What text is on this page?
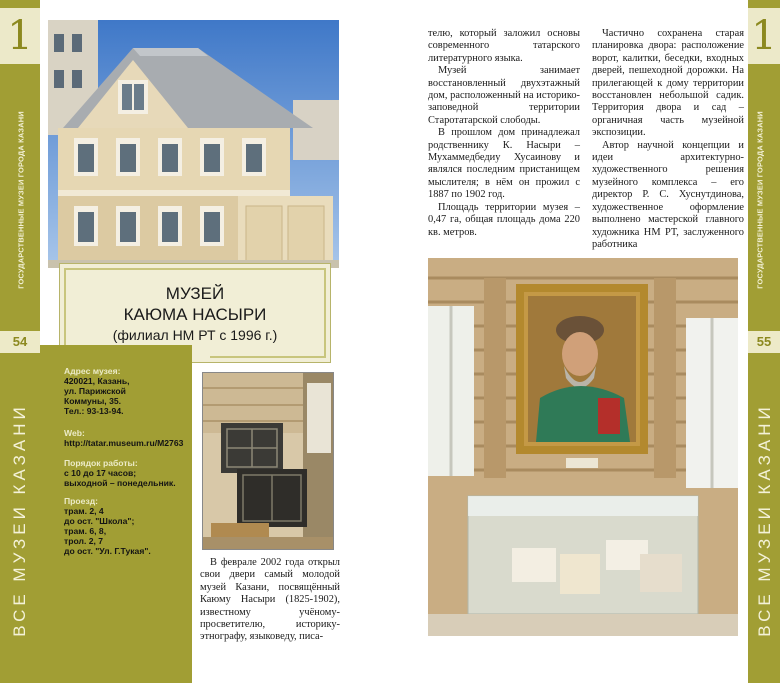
1
ГОСУДАРСТВЕННЫЕ МУЗЕИ ГОРОДА КАЗАНИ
54
ВСЕ МУЗЕИ КАЗАНИ
1
ГОСУДАРСТВЕННЫЕ МУЗЕИ ГОРОДА КАЗАНИ
55
ВСЕ МУЗЕИ КАЗАНИ
МУЗЕЙ
КАЮМА НАСЫРИ
(филиал НМ РТ с 1996 г.)
Адрес музея:
420021, Казань,
ул. Парижской
Коммуны, 35.
Тел.: 93-13-94.
Web:
http://tatar.museum.ru/M2763
Порядок работы:
с 10 до 17 часов;
выходной – понедельник.
Проезд:
трам. 2, 4
до ост. "Школа";
трам. 6, 8,
трол. 2, 7
до ост. "Ул. Г.Тукая".

В феврале 2002 года открыл свои двери самый молодой музей Казани, посвящённый Каюму Насыри (1825-1902), известному учёному-просветителю, историку-этнографу, языковеду, писа-

телю, который заложил основы современного татарского литературного языка.

Музей занимает восстановленный двухэтажный дом, расположенный на историко-заповедной территории Старотатарской слободы.

В прошлом дом принадлежал родственнику К. Насыри – Мухаммедбедиу Хусаинову и являлся последним пристанищем мыслителя; в нём он прожил с 1887 по 1902 год.

Площадь территории музея – 0,47 га, общая площадь дома 220 кв. метров.

Частично сохранена старая планировка двора: расположение ворот, калитки, беседки, входных дверей, пешеходной дорожки. На прилегающей к дому территории восстановлен небольшой садик. Территория двора и сад – органичная часть музейной экспозиции.

Автор научной концепции и идеи архитектурно-художественного решения музейного комплекса – его директор Р. С. Хуснутдинова, художественное оформление выполнено мастерской главного художника НМ РТ, заслуженного работника
